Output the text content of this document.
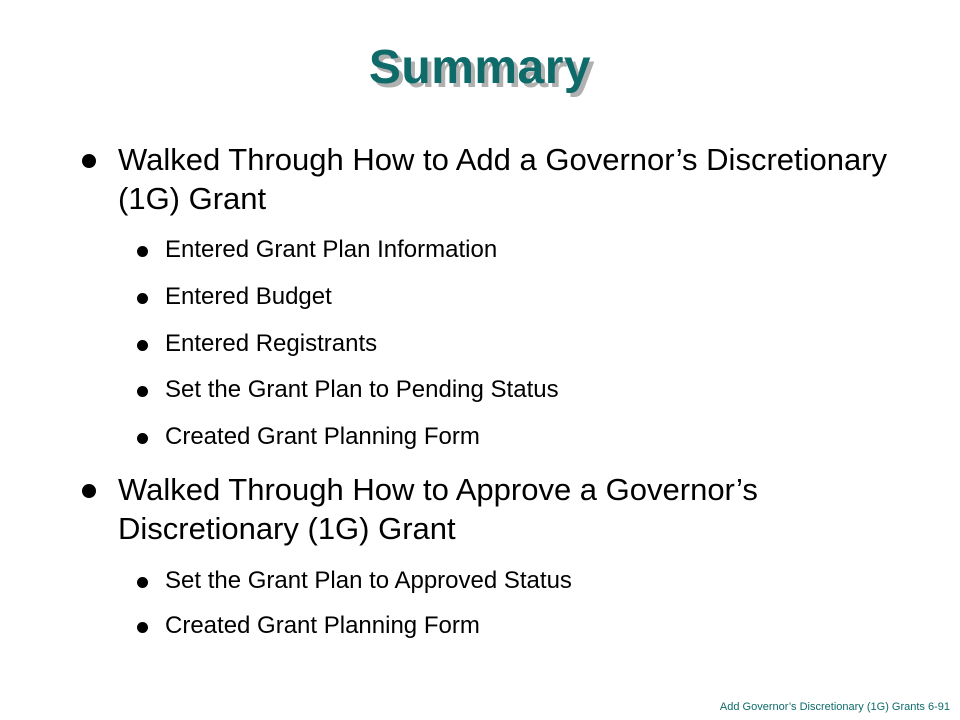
Summary
Walked Through How to Add a Governor’s Discretionary (1G) Grant
Entered Grant Plan Information
Entered Budget
Entered Registrants
Set the Grant Plan to Pending Status
Created Grant Planning Form
Walked Through How to Approve a Governor’s Discretionary (1G) Grant
Set the Grant Plan to Approved Status
Created Grant Planning Form
Add Governor’s Discretionary (1G) Grants 6-91
